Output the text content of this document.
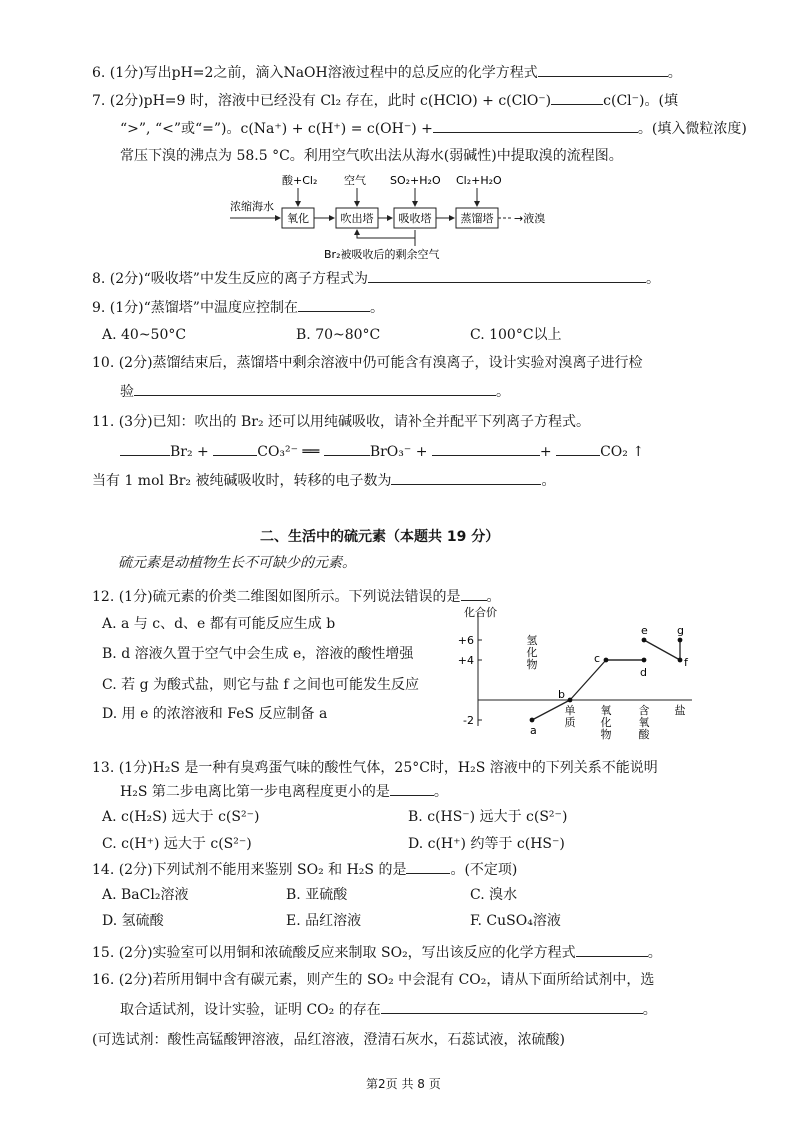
6. (1分)写出pH=2之前，滴入NaOH溶液过程中的总反应的化学方程式	。
7. (2分)pH=9 时，溶液中已经没有 Cl₂ 存在，此时 c(HClO) + c(ClO⁻)	c(Cl⁻)。(填
“>”, “<”或“=”)。c(Na⁺) + c(H⁺) = c(OH⁻) +	。(填入微粒浓度)
常压下溴的沸点为 58.5 °C。利用空气吹出法从海水(弱碱性)中提取溴的流程图。
浓缩海水
氧化	吹出塔 吸收塔	蒸馏塔 →液溴
酸+Cl₂ 空气 SO₂+H₂O Cl₂+H₂O
Br₂被吸收后的剩余空气
8. (2分)“吸收塔”中发生反应的离子方程式为	。
9. (1分)“蒸馏塔”中温度应控制在	。
A. 40~50°C	B. 70~80°C	C. 100°C以上
10. (2分)蒸馏结束后，蒸馏塔中剩余溶液中仍可能含有溴离子，设计实验对溴离子进行检
验	。
11. (3分)已知：吹出的 Br₂ 还可以用纯碱吸收，请补全并配平下列离子方程式。
Br₂ +	CO₃²⁻ ══	BrO₃⁻ +	+	CO₂ ↑
当有 1 mol Br₂ 被纯碱吸收时，转移的电子数为	。
二、生活中的硫元素（本题共 19 分）
硫元素是动植物生长不可缺少的元素。
12. (1分)硫元素的价类二维图如图所示。下列说法错误的是 。
A. a 与 c、d、e 都有可能反应生成 b
B. d 溶液久置于空气中会生成 e，溶液的酸性增强
C. 若 g 为酸式盐，则它与盐 f 之间也可能发生反应
D. 用 e 的浓溶液和 FeS 反应制备 a
化合价
+6
+4
-2
氢
化
物
单
质
氧
化
物
含
氧
酸
盐
a
b
c
d
e
f
g
13. (1分)H₂S 是一种有臭鸡蛋气味的酸性气体，25°C时，H₂S 溶液中的下列关系不能说明
H₂S 第二步电离比第一步电离程度更小的是	。
A. c(H₂S) 远大于 c(S²⁻)	B. c(HS⁻) 远大于 c(S²⁻)
C. c(H⁺) 远大于 c(S²⁻)	D. c(H⁺) 约等于 c(HS⁻)
14. (2分)下列试剂不能用来鉴别 SO₂ 和 H₂S 的是	。(不定项)
A. BaCl₂溶液	B. 亚硫酸	C. 溴水
D. 氢硫酸	E. 品红溶液	F. CuSO₄溶液
15. (2分)实验室可以用铜和浓硫酸反应来制取 SO₂，写出该反应的化学方程式	。
16. (2分)若所用铜中含有碳元素，则产生的 SO₂ 中会混有 CO₂，请从下面所给试剂中，选
取合适试剂，设计实验，证明 CO₂ 的存在	。
(可选试剂：酸性高锰酸钾溶液，品红溶液，澄清石灰水，石蕊试液，浓硫酸)
第2页 共 8 页
